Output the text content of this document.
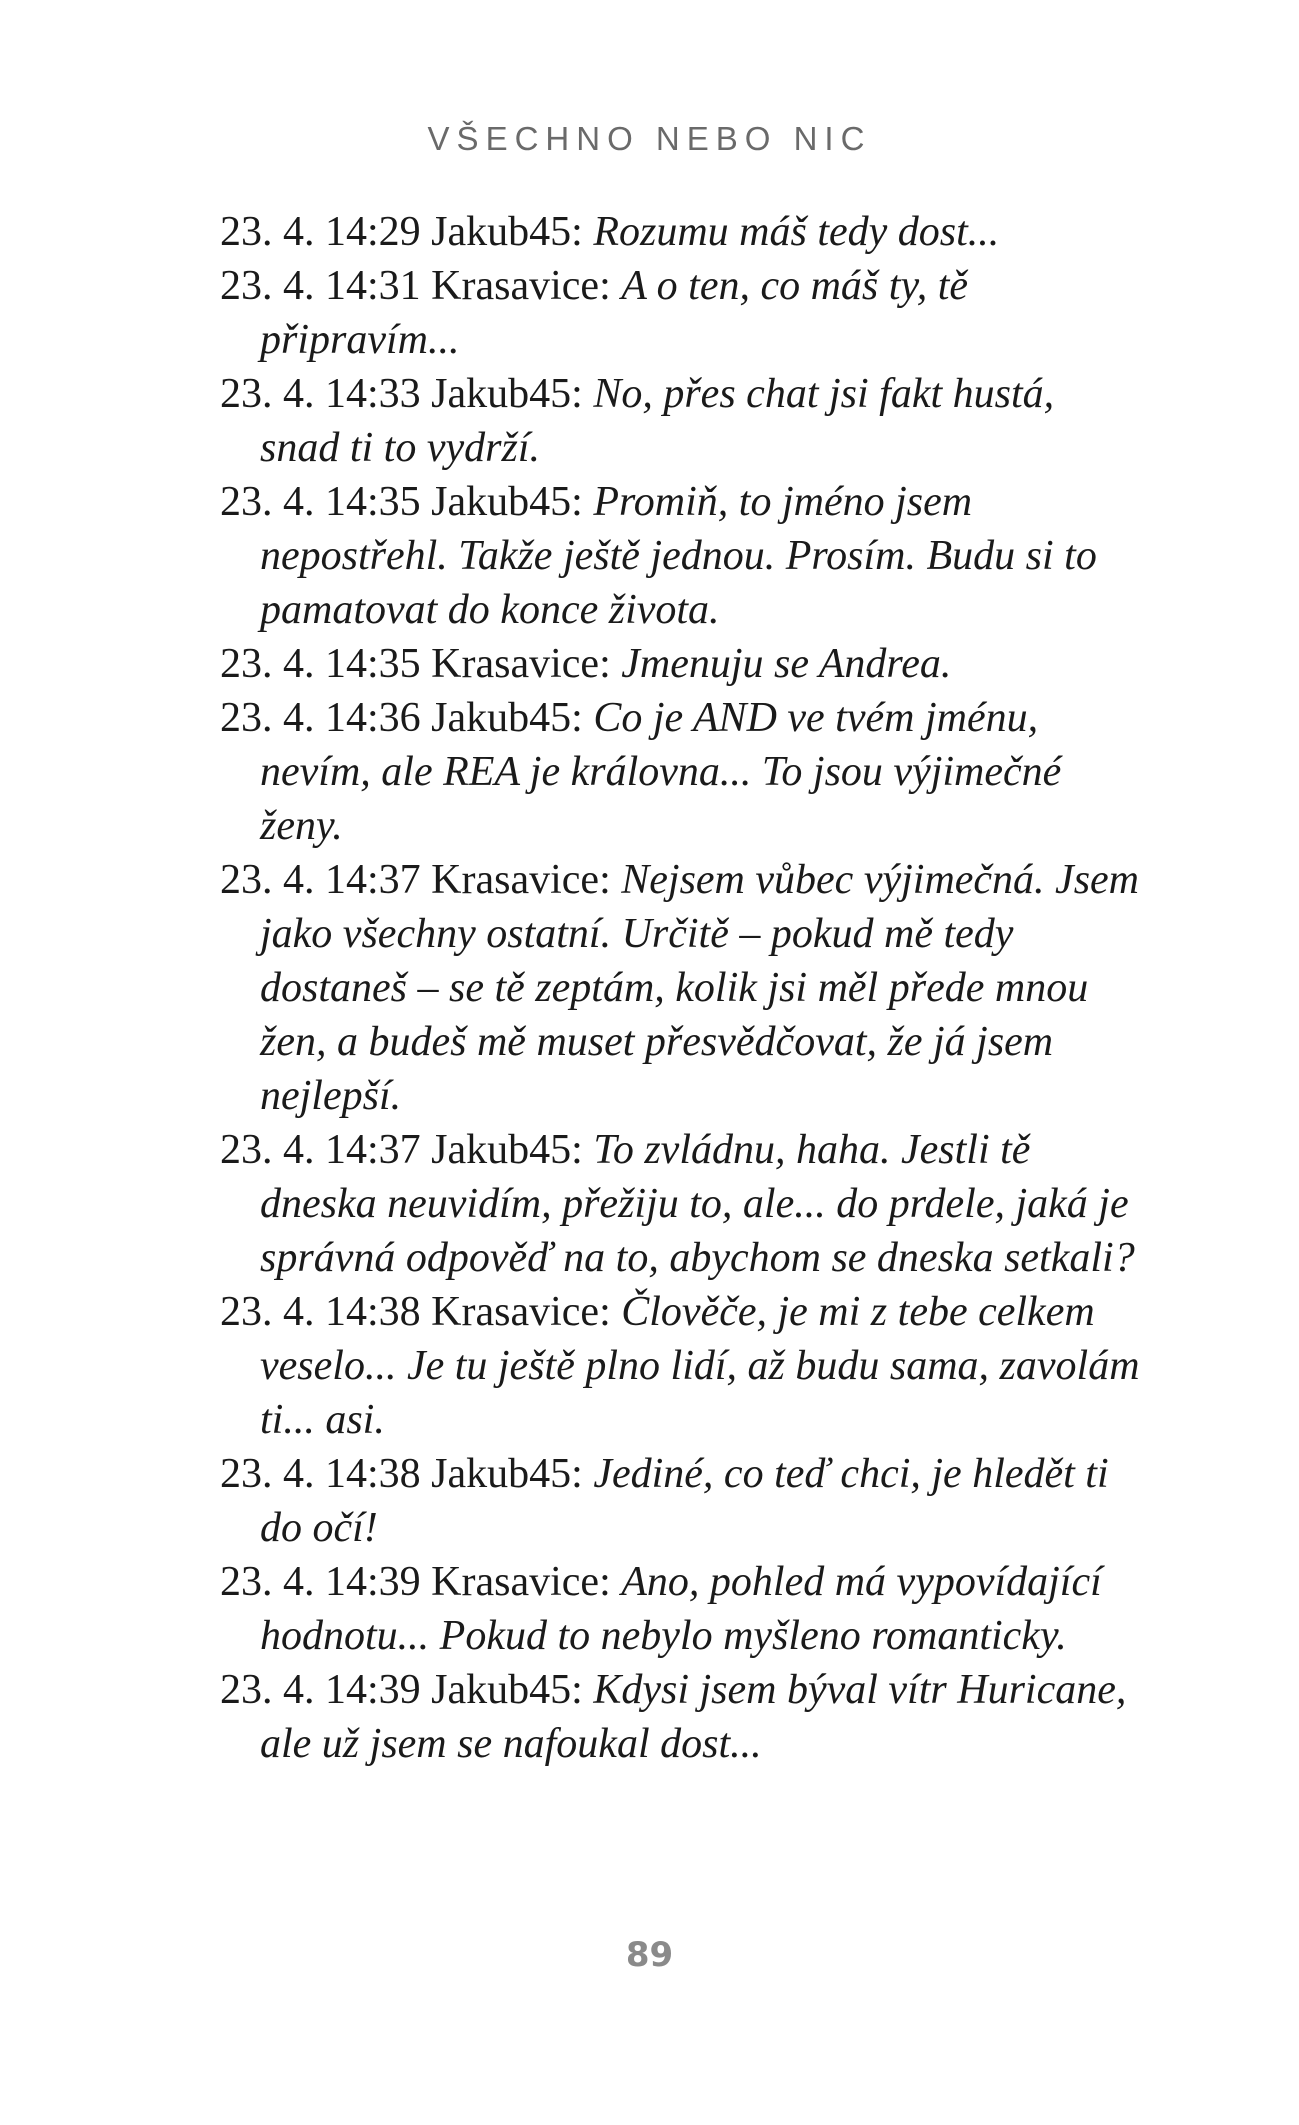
VŠECHNO NEBO NIC

23. 4. 14:29 Jakub45: Rozumu máš tedy dost...

23. 4. 14:31 Krasavice: A o ten, co máš ty, tě připravím...

23. 4. 14:33 Jakub45: No, přes chat jsi fakt hustá, snad ti to vydrží.

23. 4. 14:35 Jakub45: Promiň, to jméno jsem nepostřehl. Takže ještě jednou. Prosím. Budu si to pamatovat do konce života.

23. 4. 14:35 Krasavice: Jmenuju se Andrea.

23. 4. 14:36 Jakub45: Co je AND ve tvém jménu, nevím, ale REA je královna... To jsou výjimečné ženy.

23. 4. 14:37 Krasavice: Nejsem vůbec výjimečná. Jsem jako všechny ostatní. Určitě – pokud mě tedy dostaneš – se tě zeptám, kolik jsi měl přede mnou žen, a budeš mě muset přesvědčovat, že já jsem nejlepší.

23. 4. 14:37 Jakub45: To zvládnu, haha. Jestli tě dneska neuvidím, přežiju to, ale... do prdele, jaká je správná odpověď na to, abychom se dneska setkali?

23. 4. 14:38 Krasavice: Člověče, je mi z tebe celkem veselo... Je tu ještě plno lidí, až budu sama, zavolám ti... asi.

23. 4. 14:38 Jakub45: Jediné, co teď chci, je hledět ti do očí!

23. 4. 14:39 Krasavice: Ano, pohled má vypovídající hodnotu... Pokud to nebylo myšleno romanticky.

23. 4. 14:39 Jakub45: Kdysi jsem býval vítr Huricane, ale už jsem se nafoukal dost...

89
